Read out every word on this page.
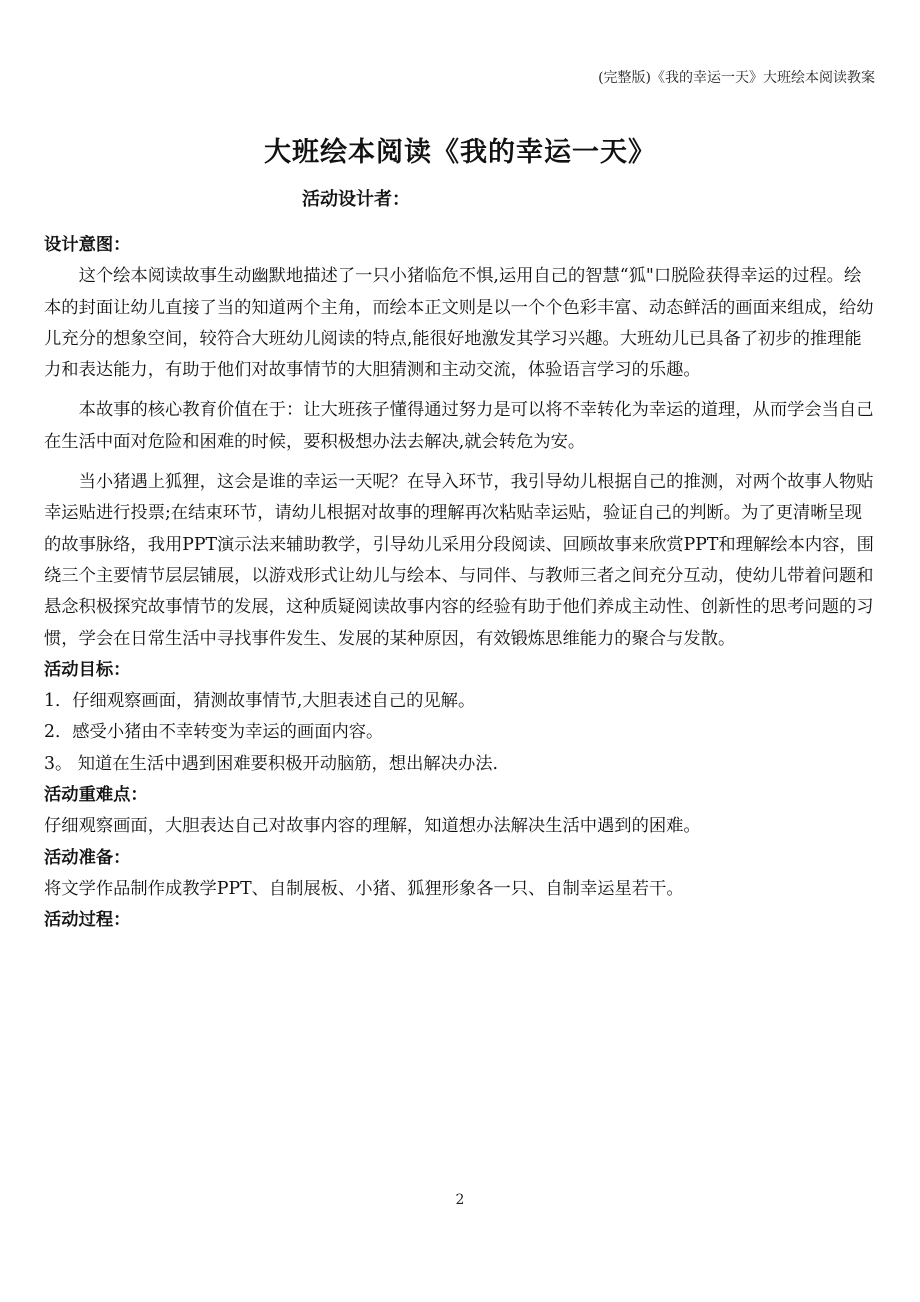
(完整版)《我的幸运一天》大班绘本阅读教案
大班绘本阅读《我的幸运一天》
活动设计者：

设计意图：

这个绘本阅读故事生动幽默地描述了一只小猪临危不惧,运用自己的智慧“狐"口脱险获得幸运的过程。绘本的封面让幼儿直接了当的知道两个主角，而绘本正文则是以一个个色彩丰富、动态鲜活的画面来组成，给幼儿充分的想象空间，较符合大班幼儿阅读的特点,能很好地激发其学习兴趣。大班幼儿已具备了初步的推理能力和表达能力，有助于他们对故事情节的大胆猜测和主动交流，体验语言学习的乐趣。

本故事的核心教育价值在于：让大班孩子懂得通过努力是可以将不幸转化为幸运的道理，从而学会当自己在生活中面对危险和困难的时候，要积极想办法去解决,就会转危为安。

当小猪遇上狐狸，这会是谁的幸运一天呢？在导入环节，我引导幼儿根据自己的推测，对两个故事人物贴幸运贴进行投票;在结束环节，请幼儿根据对故事的理解再次粘贴幸运贴，验证自己的判断。为了更清晰呈现的故事脉络，我用PPT演示法来辅助教学，引导幼儿采用分段阅读、回顾故事来欣赏PPT和理解绘本内容，围绕三个主要情节层层铺展，以游戏形式让幼儿与绘本、与同伴、与教师三者之间充分互动，使幼儿带着问题和悬念积极探究故事情节的发展，这种质疑阅读故事内容的经验有助于他们养成主动性、创新性的思考问题的习惯，学会在日常生活中寻找事件发生、发展的某种原因，有效锻炼思维能力的聚合与发散。

活动目标：

1．仔细观察画面，猜测故事情节,大胆表述自己的见解。

2．感受小猪由不幸转变为幸运的画面内容。

3。 知道在生活中遇到困难要积极开动脑筋，想出解决办法.

活动重难点：

仔细观察画面，大胆表达自己对故事内容的理解，知道想办法解决生活中遇到的困难。

活动准备：

将文学作品制作成教学PPT、自制展板、小猪、狐狸形象各一只、自制幸运星若干。

活动过程：

2
